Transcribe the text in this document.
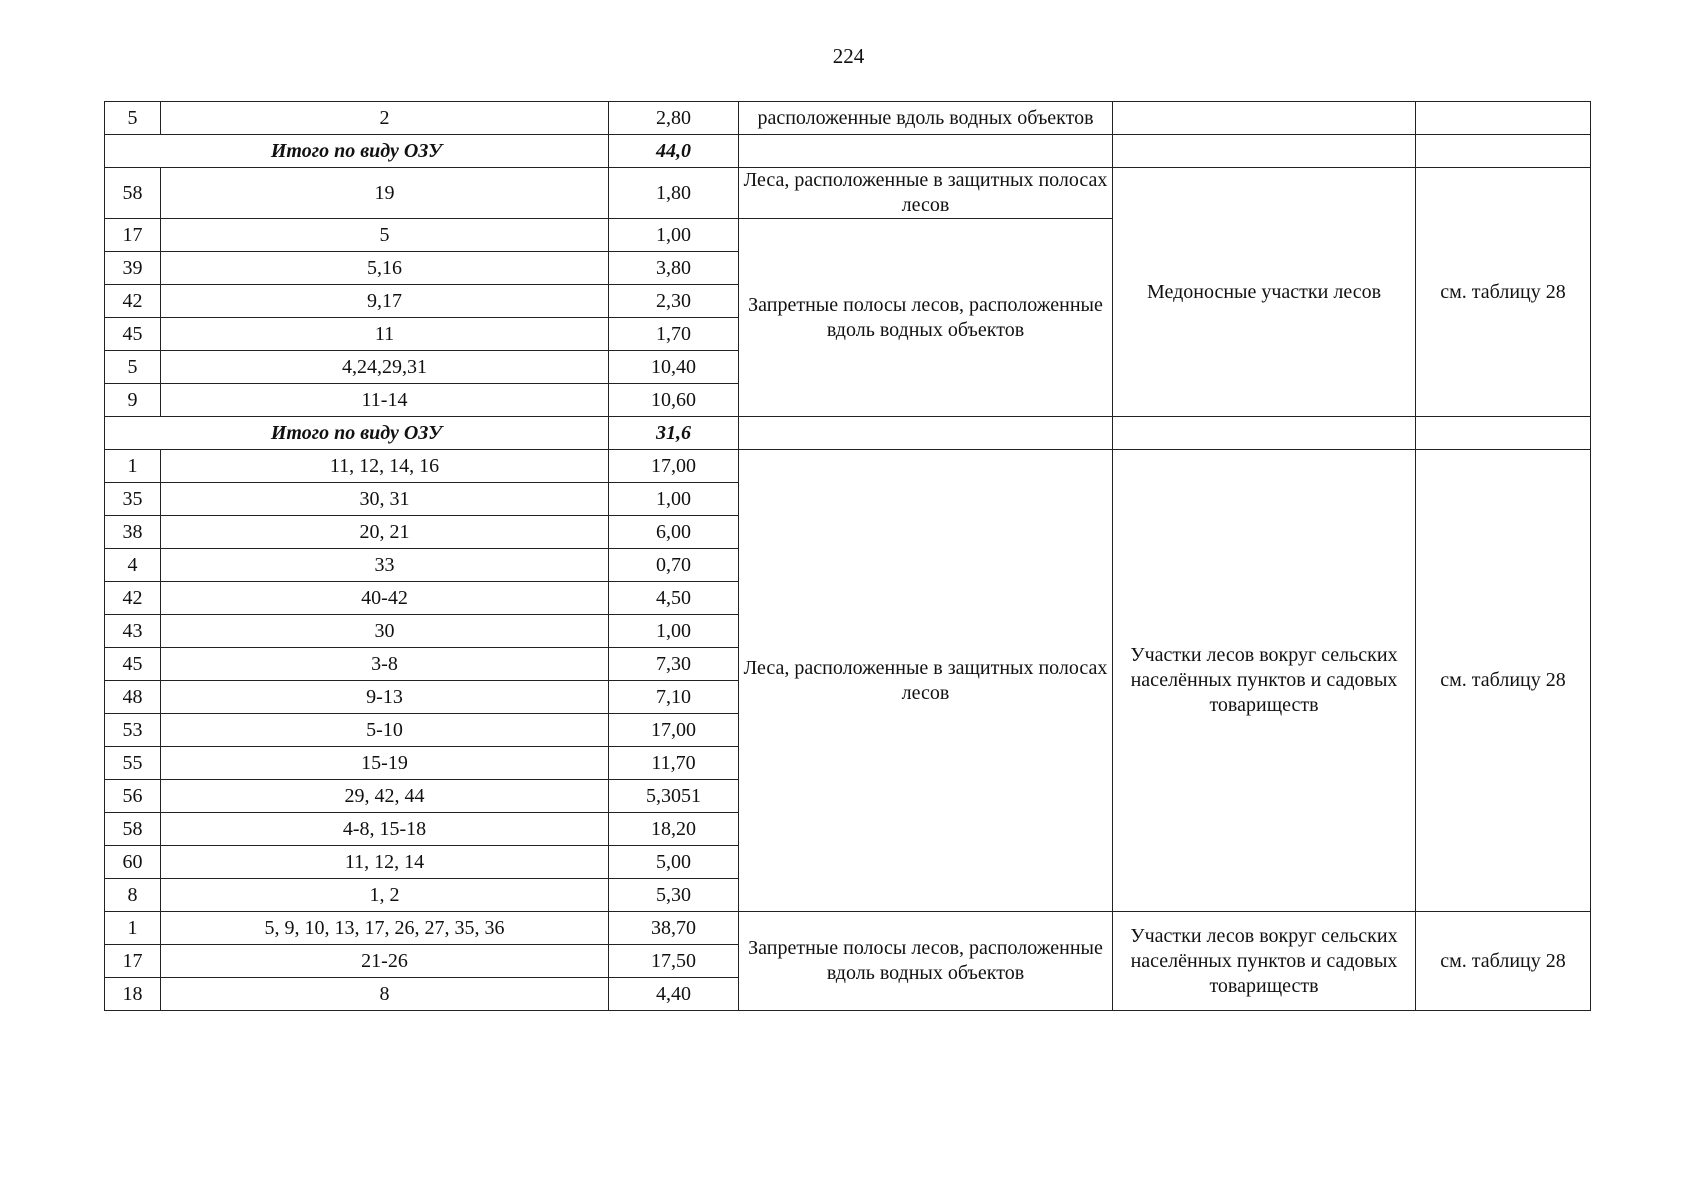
224
5	2	2,80	расположенные вдоль водных объектов		
Итого по виду ОЗУ		44,0			
58	19	1,80	Леса, расположенные в защитных полосах лесов	Медоносные участки лесов	см. таблицу 28
17	5	1,00	Запретные полосы лесов, расположенные вдоль водных объектов		
39	5,16	3,80			
42	9,17	2,30			
45	11	1,70			
5	4,24,29,31	10,40			
9	11-14	10,60			
Итого по виду ОЗУ		31,6			
1	11, 12, 14, 16	17,00	Леса, расположенные в защитных полосах лесов	Участки лесов вокруг сельских населённых пунктов и садовых товариществ	см. таблицу 28
35	30, 31	1,00			
38	20, 21	6,00			
4	33	0,70			
42	40-42	4,50			
43	30	1,00			
45	3-8	7,30			
48	9-13	7,10			
53	5-10	17,00			
55	15-19	11,70			
56	29, 42, 44	5,3051			
58	4-8, 15-18	18,20			
60	11, 12, 14	5,00			
8	1, 2	5,30			
1	5, 9, 10, 13, 17, 26, 27, 35, 36	38,70	Запретные полосы лесов, расположенные вдоль водных объектов	Участки лесов вокруг сельских населённых пунктов и садовых товариществ	см. таблицу 28
17	21-26	17,50			
18	8	4,40			
